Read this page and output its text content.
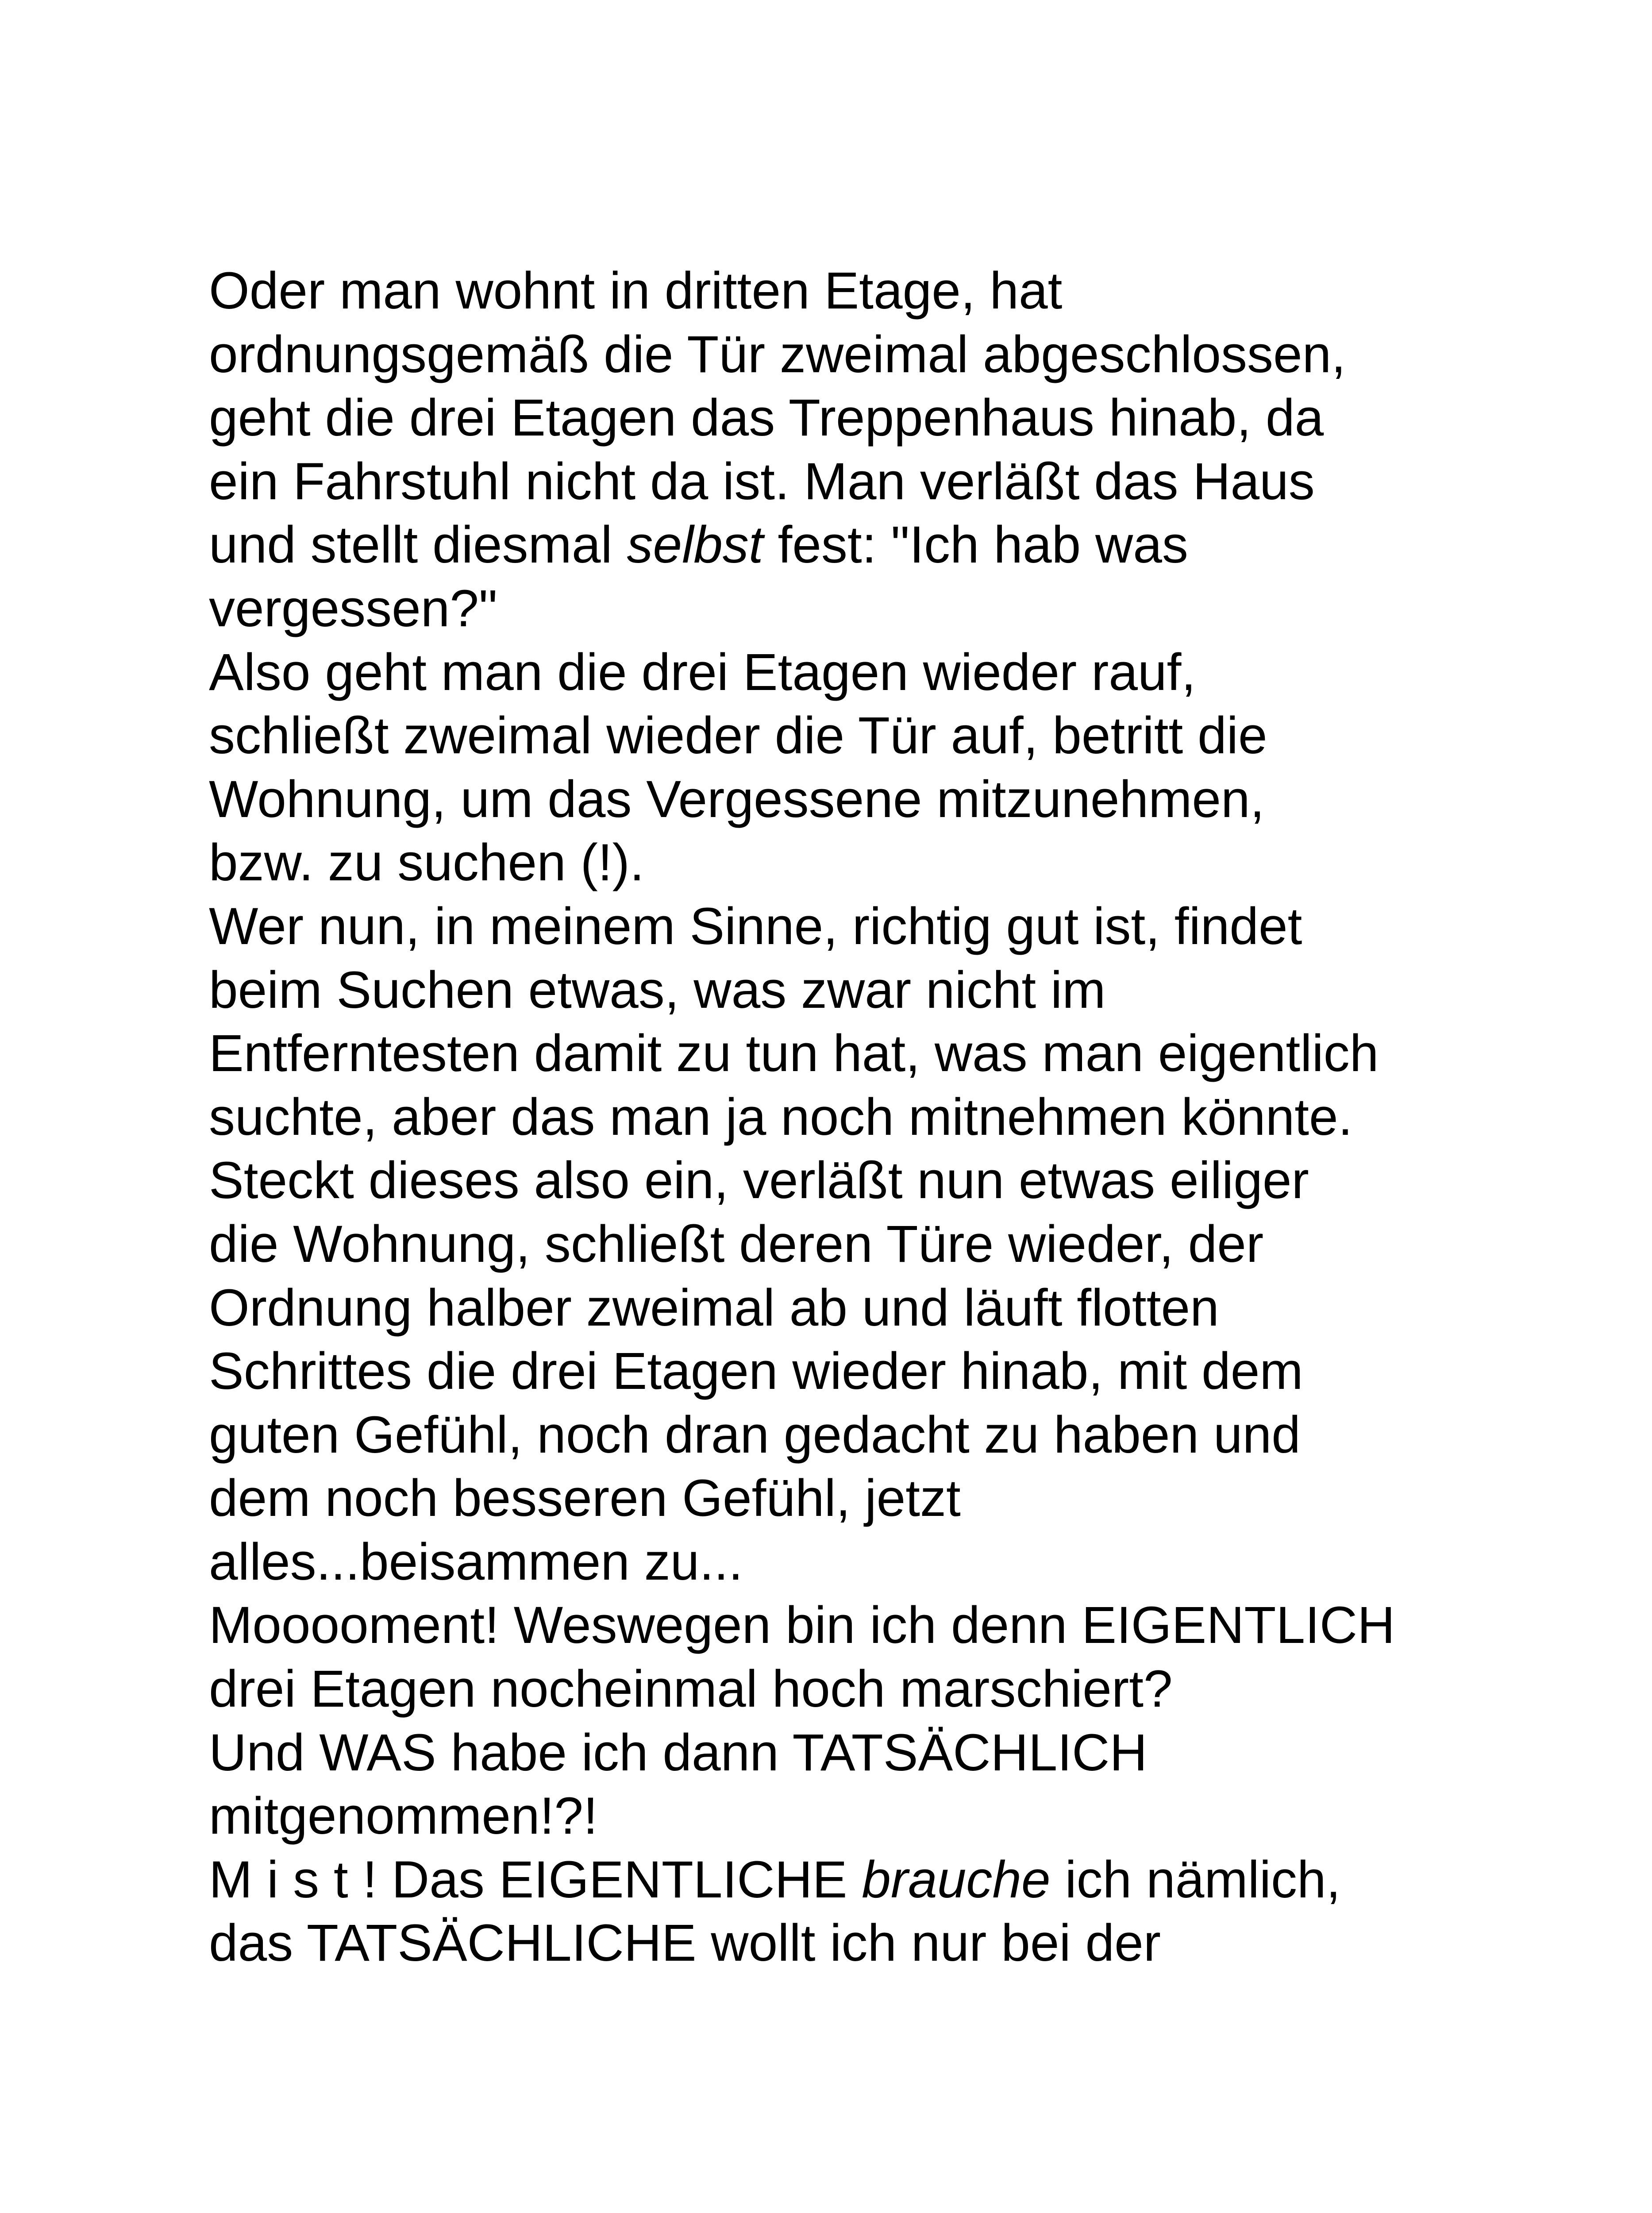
Oder man wohnt in dritten Etage, hat
ordnungsgemäß die Tür zweimal abgeschlossen,
geht die drei Etagen das Treppenhaus hinab, da
ein Fahrstuhl nicht da ist. Man verläßt das Haus
und stellt diesmal selbst fest: "Ich hab was
vergessen?"
Also geht man die drei Etagen wieder rauf,
schließt zweimal wieder die Tür auf, betritt die
Wohnung, um das Vergessene mitzunehmen,
bzw. zu suchen (!).
Wer nun, in meinem Sinne, richtig gut ist, findet
beim Suchen etwas, was zwar nicht im
Entferntesten damit zu tun hat, was man eigentlich
suchte, aber das man ja noch mitnehmen könnte.
Steckt dieses also ein, verläßt nun etwas eiliger
die Wohnung, schließt deren Türe wieder, der
Ordnung halber zweimal ab und läuft flotten
Schrittes die drei Etagen wieder hinab, mit dem
guten Gefühl, noch dran gedacht zu haben und
dem noch besseren Gefühl, jetzt
alles...beisammen zu...
Mooooment! Weswegen bin ich denn EIGENTLICH
drei Etagen nocheinmal hoch marschiert?
Und WAS habe ich dann TATSÄCHLICH
mitgenommen!?!
M i s t ! Das EIGENTLICHE brauche ich nämlich,
das TATSÄCHLICHE wollt ich nur bei der
